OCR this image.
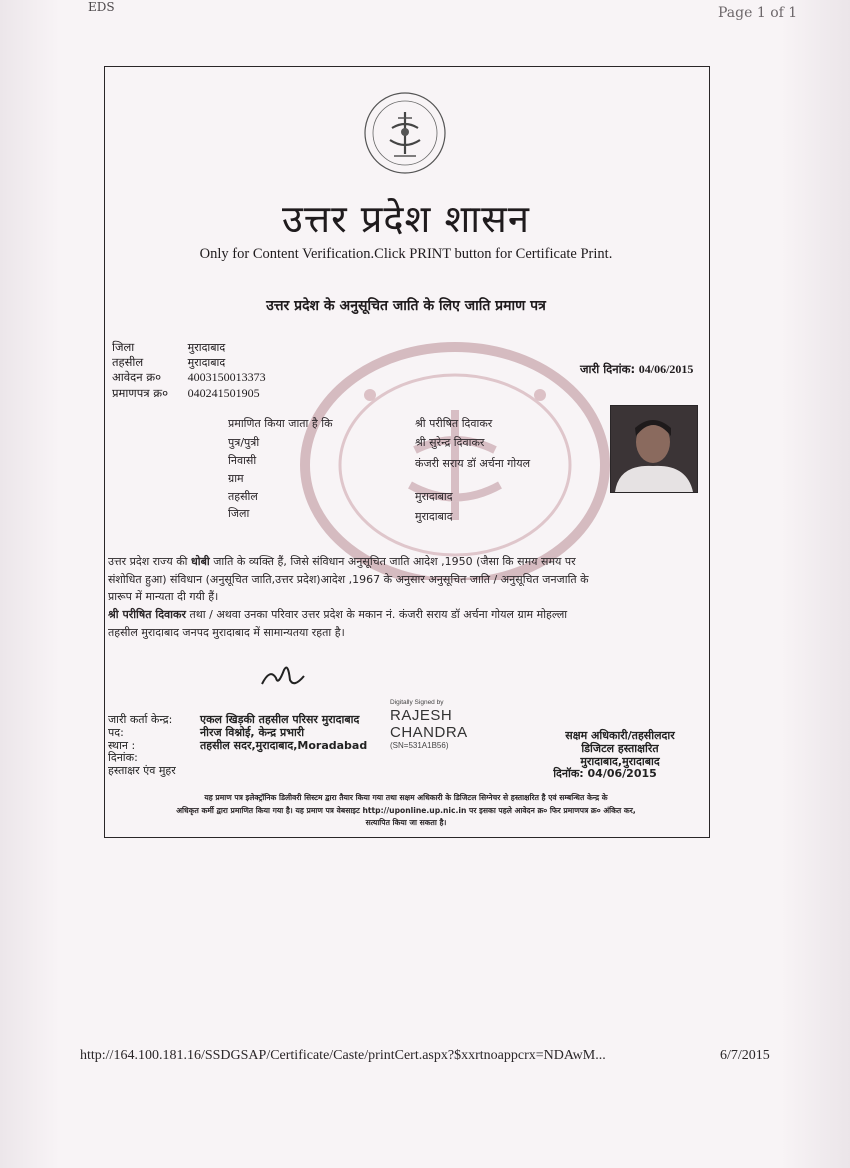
EDS	Page 1 of 1
उत्तर प्रदेश शासन
Only for Content Verification.Click PRINT button for Certificate Print.
उत्तर प्रदेश के अनुसूचित जाति के लिए जाति प्रमाण पत्र
जिला	मुरादाबाद
तहसील	मुरादाबाद
आवेदन क्र० 4003150013373
प्रमाणपत्र क्र० 040241501905
जारी दिनांक: 04/06/2015
प्रमाणित किया जाता है कि	श्री परीषित दिवाकर
पुत्र/पुत्री	श्री सुरेन्द्र दिवाकर
निवासी	कंजरी सराय डॉ अर्चना गोयल
ग्राम
तहसील	मुरादाबाद
जिला	मुरादाबाद
उत्तर प्रदेश राज्य की धोबी जाति के व्यक्ति हैं, जिसे संविधान अनुसूचित जाति आदेश ,1950 (जैसा कि समय समय पर
संशोधित हुआ) संविधान (अनुसूचित जाति,उत्तर प्रदेश)आदेश ,1967 के अनुसार अनुसूचित जाति / अनुसूचित जनजाति के
प्रारूप में मान्यता दी गयी हैं।
श्री परीषित दिवाकर तथा / अथवा उनका परिवार उत्तर प्रदेश के मकान नं. कंजरी सराय डॉ अर्चना गोयल ग्राम मोहल्ला
तहसील मुरादाबाद जनपद मुरादाबाद में सामान्यतया रहता है।
जारी कर्ता केन्द्र:	एकल खिड़की तहसील परिसर मुरादाबाद
पद:	नीरज विश्नोई, केन्द्र प्रभारी
स्थान :	तहसील सदर,मुरादाबाद,Moradabad
दिनांक:
हस्ताक्षर एंव मुहर
Digitally Signed by
RAJESH
CHANDRA
(SN=531A1B56)
सक्षम अधिकारी/तहसीलदार
डिजिटल हस्ताक्षरित
मुरादाबाद,मुरादाबाद
दिनॉक: 04/06/2015
यह प्रमाण पत्र इलेक्ट्रॉनिक डिलीवरी सिस्टम द्वारा तैयार किया गया तथा सक्षम अधिकारी के डिजिटल सिग्नेचर से हस्ताक्षरित है एवं सम्बन्धित केन्द्र के
अधिकृत कर्मी द्वारा प्रमाणित किया गया है। यह प्रमाण पत्र वेबसाइट http://uponline.up.nic.in पर इसका पहले आवेदन क्र० फिर प्रमाणपत्र क्र० अंकित कर,
सत्यापित किया जा सकता है।
http://164.100.181.16/SSDGSAP/Certificate/Caste/printCert.aspx?$xxrtnoappcrx=NDAwM...	6/7/2015
